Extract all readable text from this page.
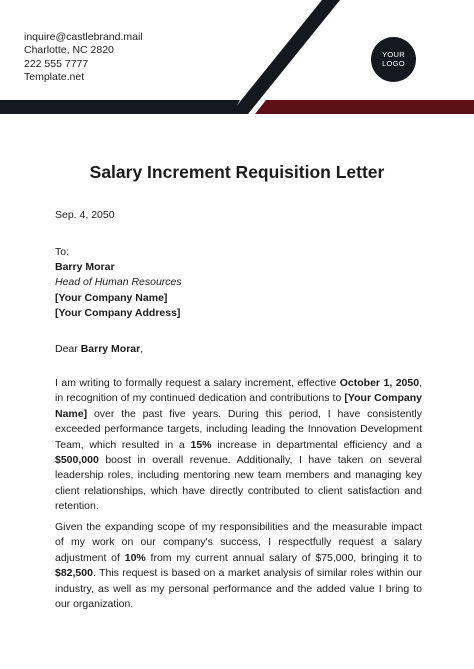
inquire@castlebrand.mail
Charlotte, NC 2820
222 555 7777
Template.net
YOUR
LOGO
Salary Increment Requisition Letter
Sep. 4, 2050
To:
Barry Morar
Head of Human Resources
[Your Company Name]
[Your Company Address]
Dear Barry Morar,

I am writing to formally request a salary increment, effective October 1, 2050, in recognition of my continued dedication and contributions to [Your Company Name] over the past five years. During this period, I have consistently exceeded performance targets, including leading the Innovation Development Team, which resulted in a 15% increase in departmental efficiency and a $500,000 boost in overall revenue. Additionally, I have taken on several leadership roles, including mentoring new team members and managing key client relationships, which have directly contributed to client satisfaction and retention.

Given the expanding scope of my responsibilities and the measurable impact of my work on our company's success, I respectfully request a salary adjustment of 10% from my current annual salary of $75,000, bringing it to $82,500. This request is based on a market analysis of similar roles within our industry, as well as my personal performance and the added value I bring to our organization.
